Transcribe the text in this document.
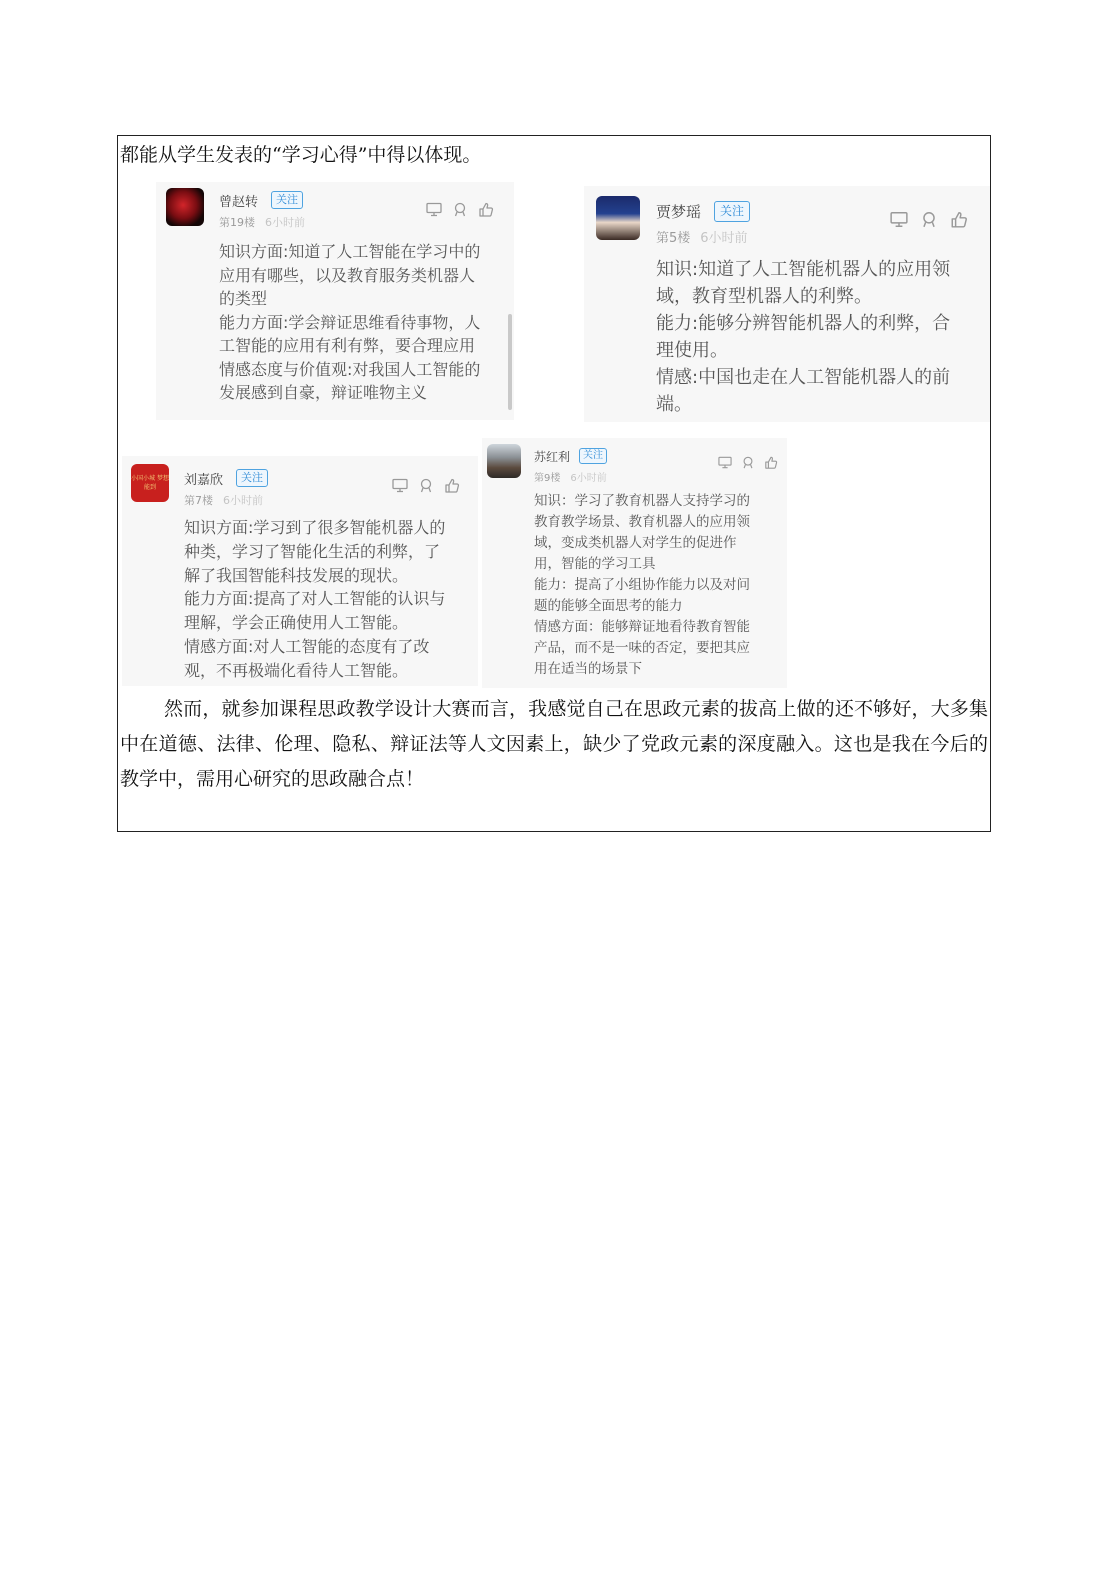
都能从学生发表的“学习心得”中得以体现。
曾赵转	关注
第19楼 6小时前
知识方面:知道了人工智能在学习中的
应用有哪些，以及教育服务类机器人
的类型
能力方面:学会辩证思维看待事物，人
工智能的应用有利有弊，要合理应用
情感态度与价值观:对我国人工智能的
发展感到自豪，辩证唯物主义
贾梦瑶	关注
第5楼 6小时前
知识:知道了人工智能机器人的应用领
域，教育型机器人的利弊。
能力:能够分辨智能机器人的利弊，合
理使用。
情感:中国也走在人工智能机器人的前
端。
小国小城 梦想能到	刘嘉欣	关注
第7楼 6小时前
知识方面:学习到了很多智能机器人的
种类，学习了智能化生活的利弊，了
解了我国智能科技发展的现状。
能力方面:提高了对人工智能的认识与
理解，学会正确使用人工智能。
情感方面:对人工智能的态度有了改
观，不再极端化看待人工智能。
苏红利	关注
第9楼 6小时前
知识：学习了教育机器人支持学习的
教育教学场景、教育机器人的应用领
域，变成类机器人对学生的促进作
用，智能的学习工具
能力：提高了小组协作能力以及对问
题的能够全面思考的能力
情感方面：能够辩证地看待教育智能
产品，而不是一味的否定，要把其应
用在适当的场景下
然而，就参加课程思政教学设计大赛而言，我感觉自己在思政元素的拔高上做的还不够好，大多集中在道德、法律、伦理、隐私、辩证法等人文因素上，缺少了党政元素的深度融入。这也是我在今后的教学中，需用心研究的思政融合点！
